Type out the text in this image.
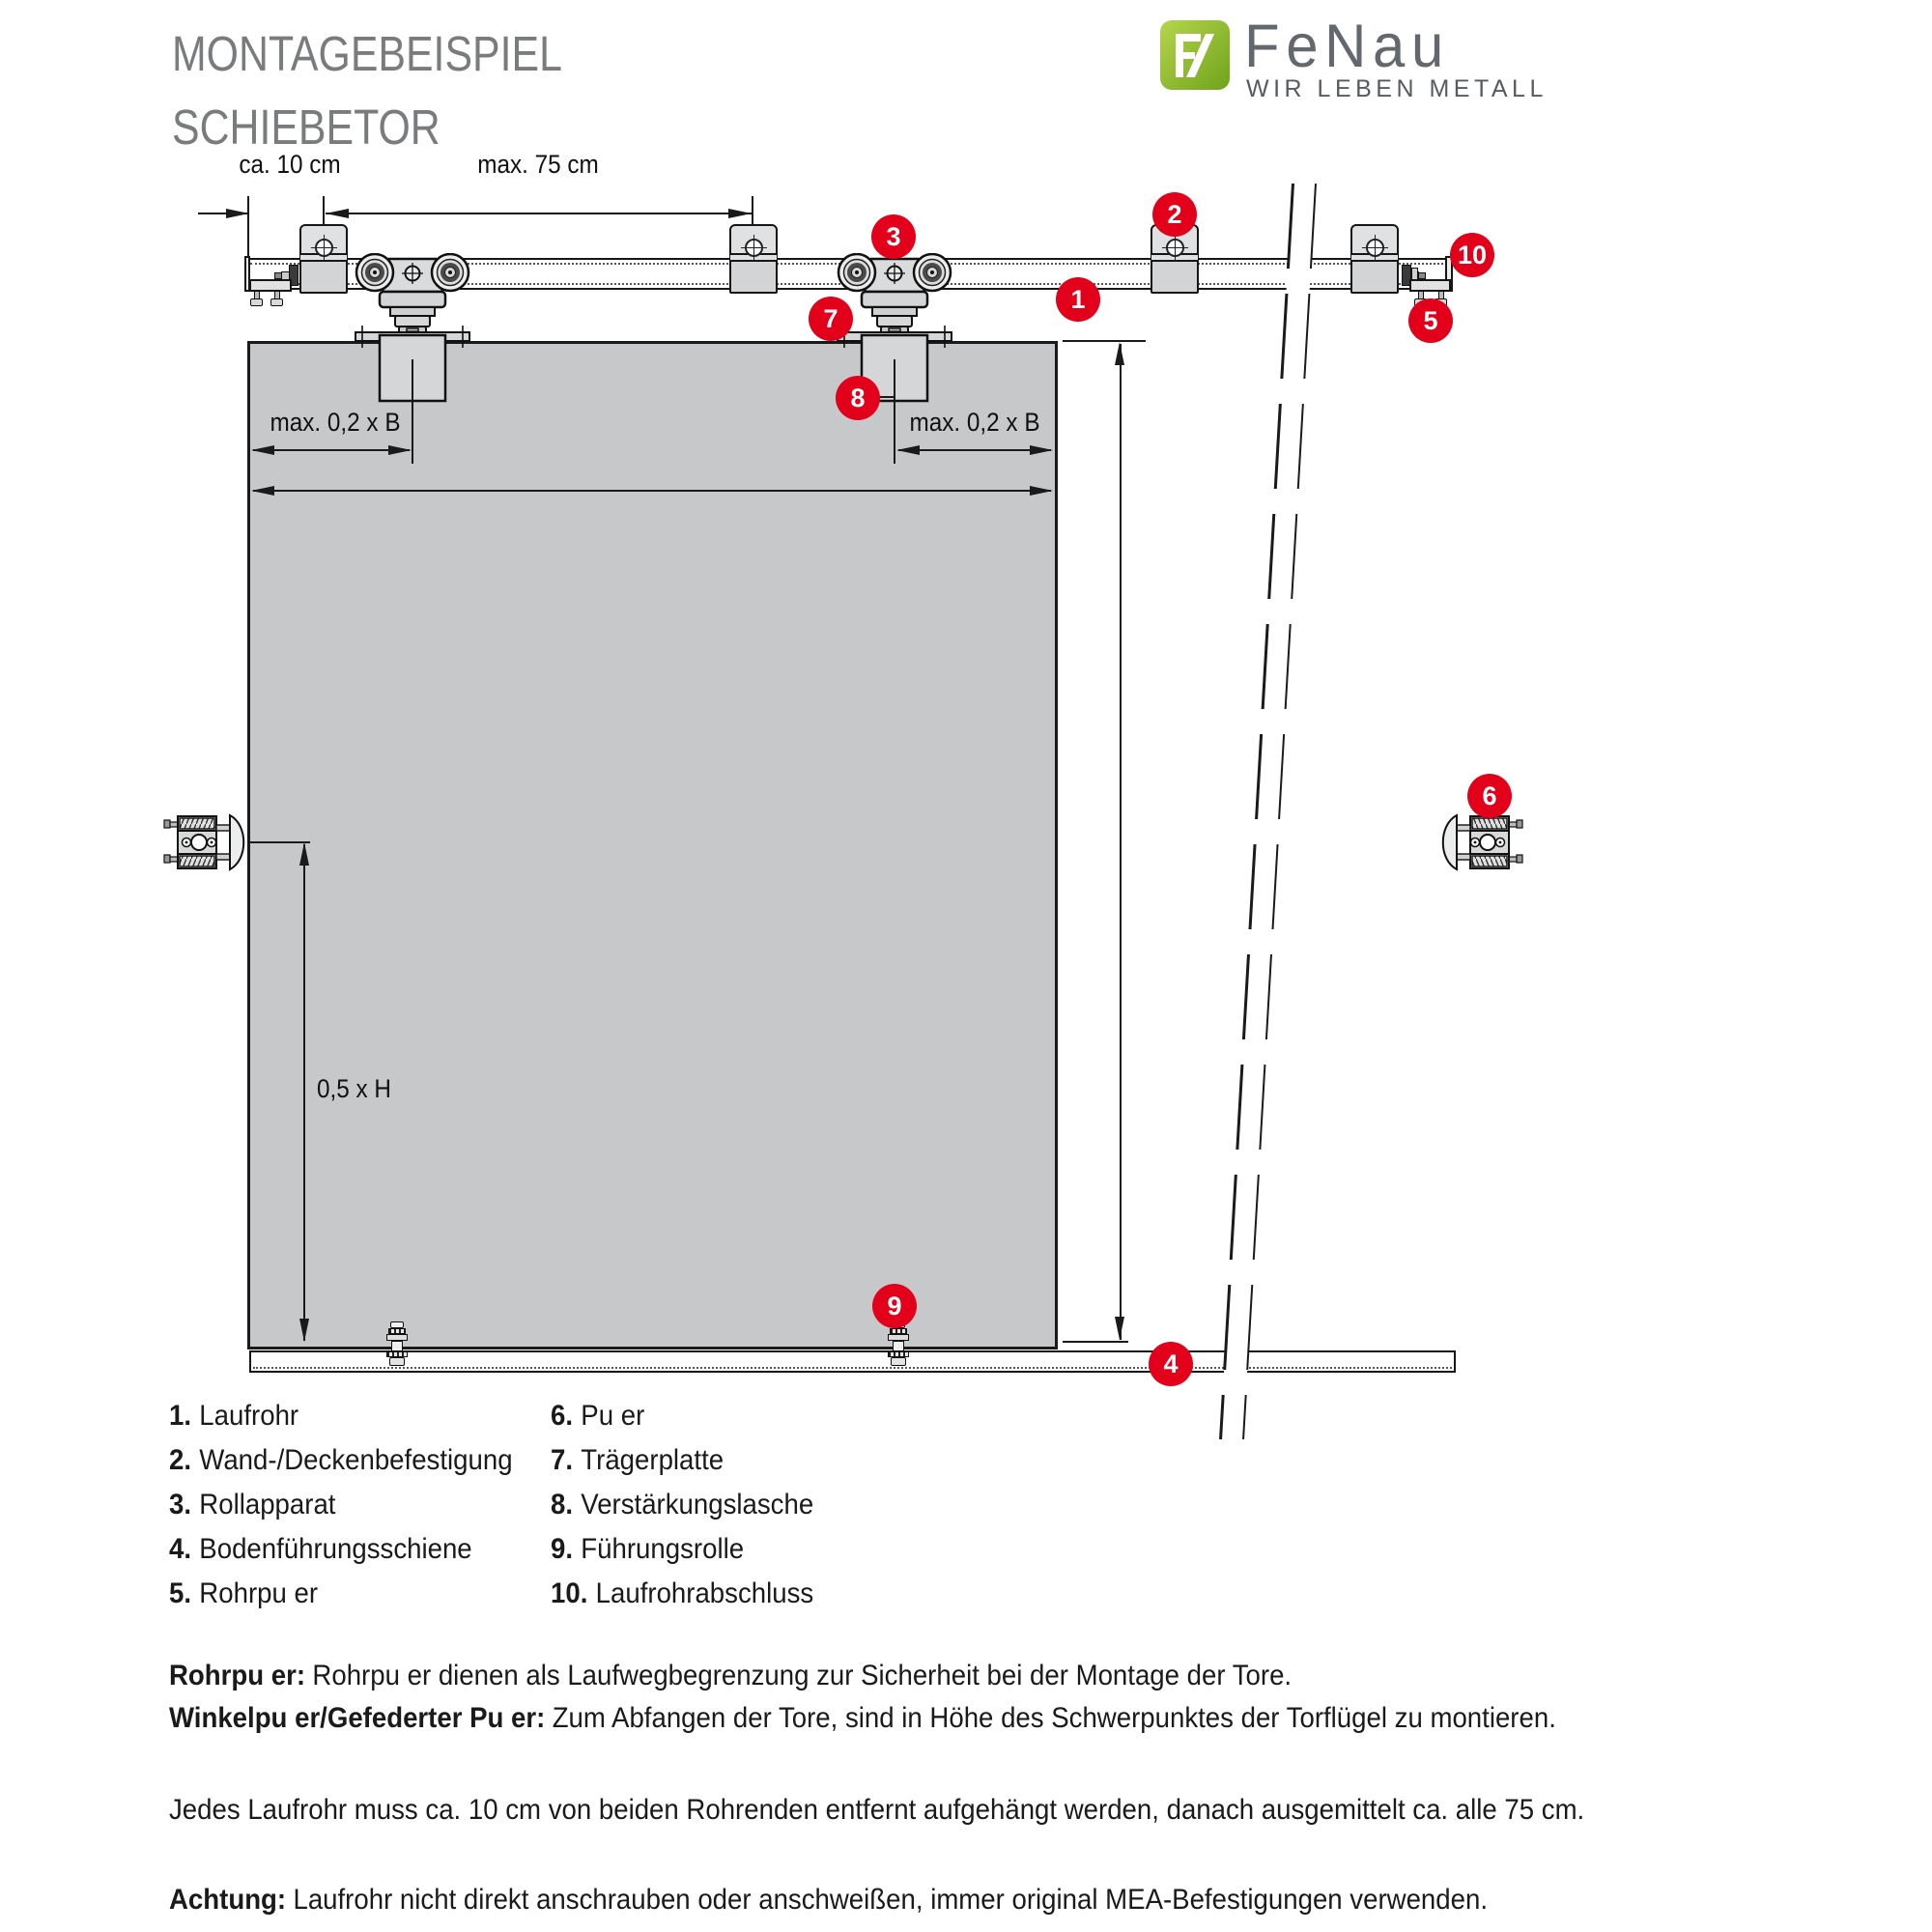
MONTAGEBEISPIEL
SCHIEBETOR
FeNau
WIR LEBEN METALL
ca. 10 cm	max. 75 cm
max. 0,2 x B	max. 0,2 x B
0,5 x H
1
2
3
4
5
6
7
8
9
10
1. Laufrohr
2. Wand-/Deckenbefestigung
3. Rollapparat
4. Bodenführungsschiene
5. Rohrpu er
6. Pu er
7. Trägerplatte
8. Verstärkungslasche
9. Führungsrolle
10. Laufrohrabschluss
Rohrpu er: Rohrpu er dienen als Laufwegbegrenzung zur Sicherheit bei der Montage der Tore.
Winkelpu er/Gefederter Pu er: Zum Abfangen der Tore, sind in Höhe des Schwerpunktes der Torflügel zu montieren.
Jedes Laufrohr muss ca. 10 cm von beiden Rohrenden entfernt aufgehängt werden, danach ausgemittelt ca. alle 75 cm.
Achtung: Laufrohr nicht direkt anschrauben oder anschweißen, immer original MEA-Befestigungen verwenden.
